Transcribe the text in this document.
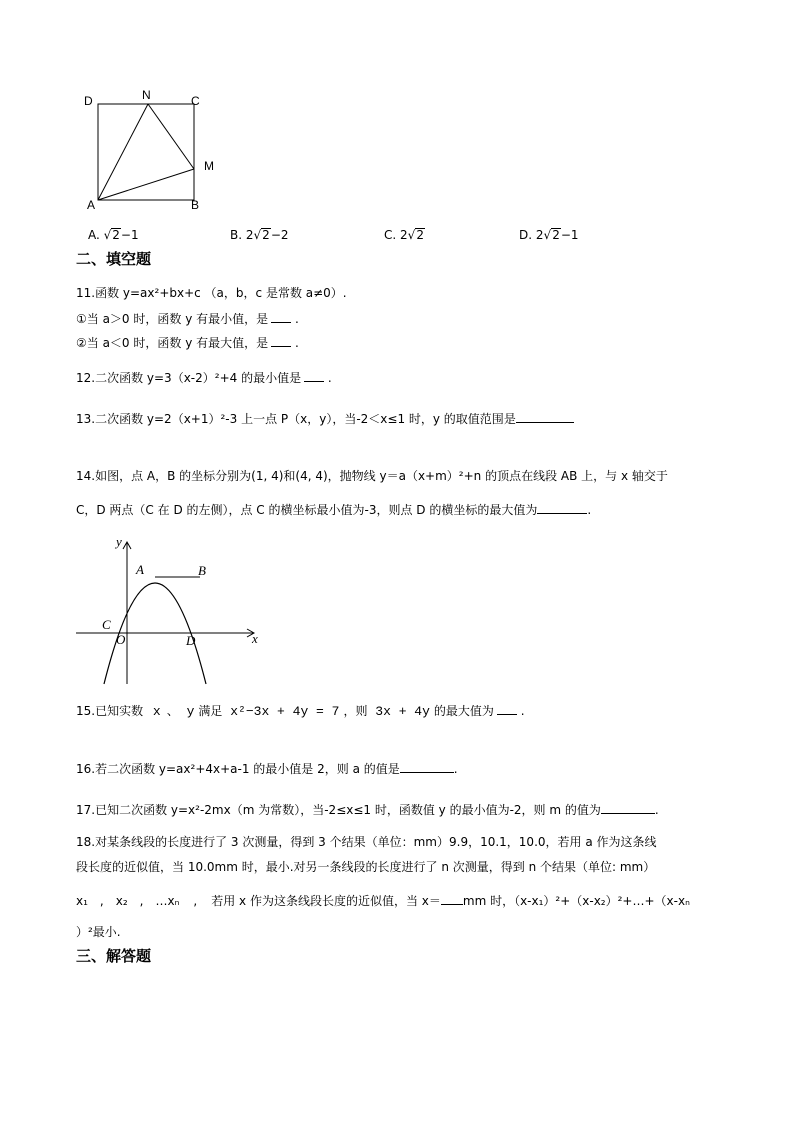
D	N	C
M
A	B
A. √2−1	B. 2√2−2	C. 2√2	D. 2√2−1
二、填空题
11.函数 y=ax²+bx+c （a，b，c 是常数 a≠0）.
①当 a＞0 时，函数 y 有最小值，是 .
②当 a＜0 时，函数 y 有最大值，是 .
12.二次函数 y=3（x-2）²+4 的最小值是 .
13.二次函数 y=2（x+1）²-3 上一点 P（x，y），当-2＜x≤1 时，y 的取值范围是
14.如图，点 A，B 的坐标分别为(1, 4)和(4, 4)，抛物线 y＝a（x+m）²+n 的顶点在线段 AB 上，与 x 轴交于
C，D 两点（C 在 D 的左侧），点 C 的横坐标最小值为-3，则点 D 的横坐标的最大值为	.
y
x
A	B
C
O	D
15.已知实数 x 、 y 满足 x²−3x + 4y = 7 ，则 3x + 4y 的最大值为 .
16.若二次函数 y=ax²+4x+a-1 的最小值是 2，则 a 的值是	.
17.已知二次函数 y=x²-2mx（m 为常数），当-2≤x≤1 时，函数值 y 的最小值为-2，则 m 的值为	.
18.对某条线段的长度进行了 3 次测量，得到 3 个结果（单位：mm）9.9，10.1，10.0，若用 a 作为这条线
段长度的近似值，当 10.0mm 时，最小.对另一条线段的长度进行了 n 次测量，得到 n 个结果（单位: mm）
x₁ , x₂ , …xₙ , 若用 x 作为这条线段长度的近似值，当 x＝ mm 时，（x-x₁）²+（x-x₂）²+…+（x-xₙ
）²最小.
三、解答题
